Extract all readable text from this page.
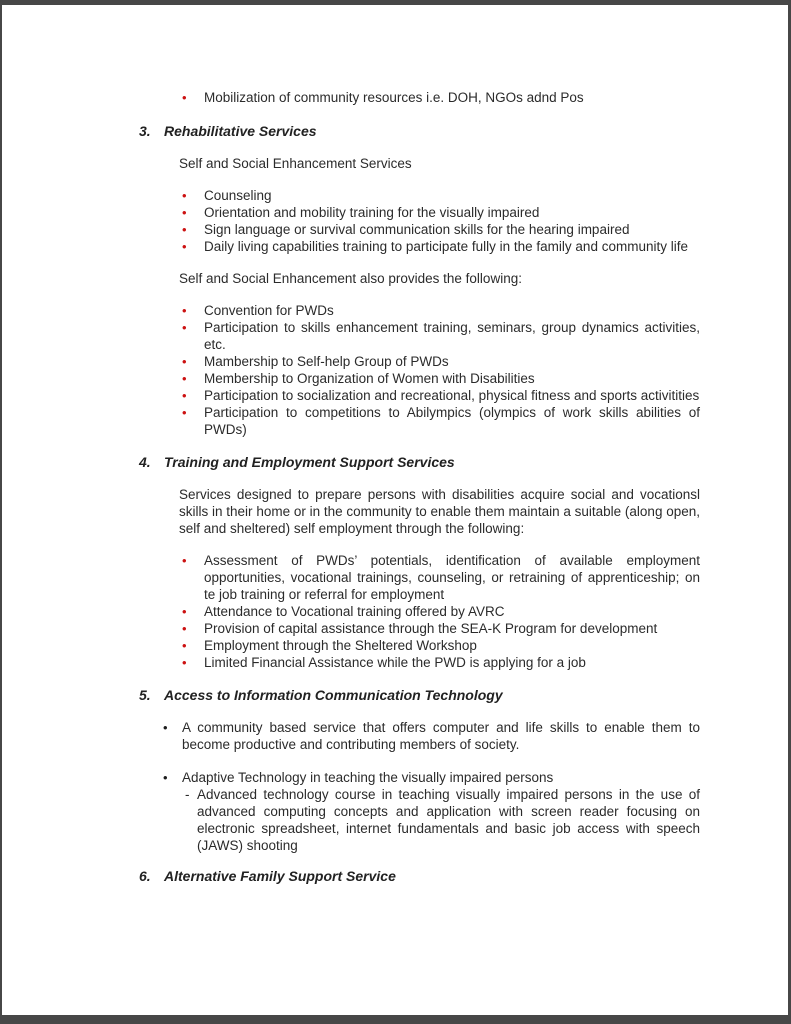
•	Mobilization of community resources i.e. DOH, NGOs adnd Pos
3. Rehabilitative Services

Self and Social Enhancement Services

•	Counseling
•	Orientation and mobility training for the visually impaired
•	Sign language or survival communication skills for the hearing impaired
•	Daily living capabilities training to participate fully in the family and community life

Self and Social Enhancement also provides the following:

•	Convention for PWDs
•	Participation to skills enhancement training, seminars, group dynamics activities, etc.
•	Mambership to Self-help Group of PWDs
•	Membership to Organization of Women with Disabilities
•	Participation to socialization and recreational, physical fitness and sports activitities
•	Participation to competitions to Abilympics (olympics of work skills abilities of PWDs)
4. Training and Employment Support Services

Services designed to prepare persons with disabilities acquire social and vocationsl skills in their home or in the community to enable them maintain a suitable (along open, self and sheltered) self employment through the following:

•	Assessment of PWDs’ potentials, identification of available employment opportunities, vocational trainings, counseling, or retraining of apprenticeship; on te job training or referral for employment
•	Attendance to Vocational training offered by AVRC
•	Provision of capital assistance through the SEA-K Program for development
•	Employment through the Sheltered Workshop
•	Limited Financial Assistance while the PWD is applying for a job
5. Access to Information Communication Technology
•	A community based service that offers computer and life skills to enable them to become productive and contributing members of society.
•	Adaptive Technology in teaching the visually impaired persons
- Advanced technology course in teaching visually impaired persons in the use of advanced computing concepts and application with screen reader focusing on electronic spreadsheet, internet fundamentals and basic job access with speech (JAWS) shooting
6. Alternative Family Support Service
